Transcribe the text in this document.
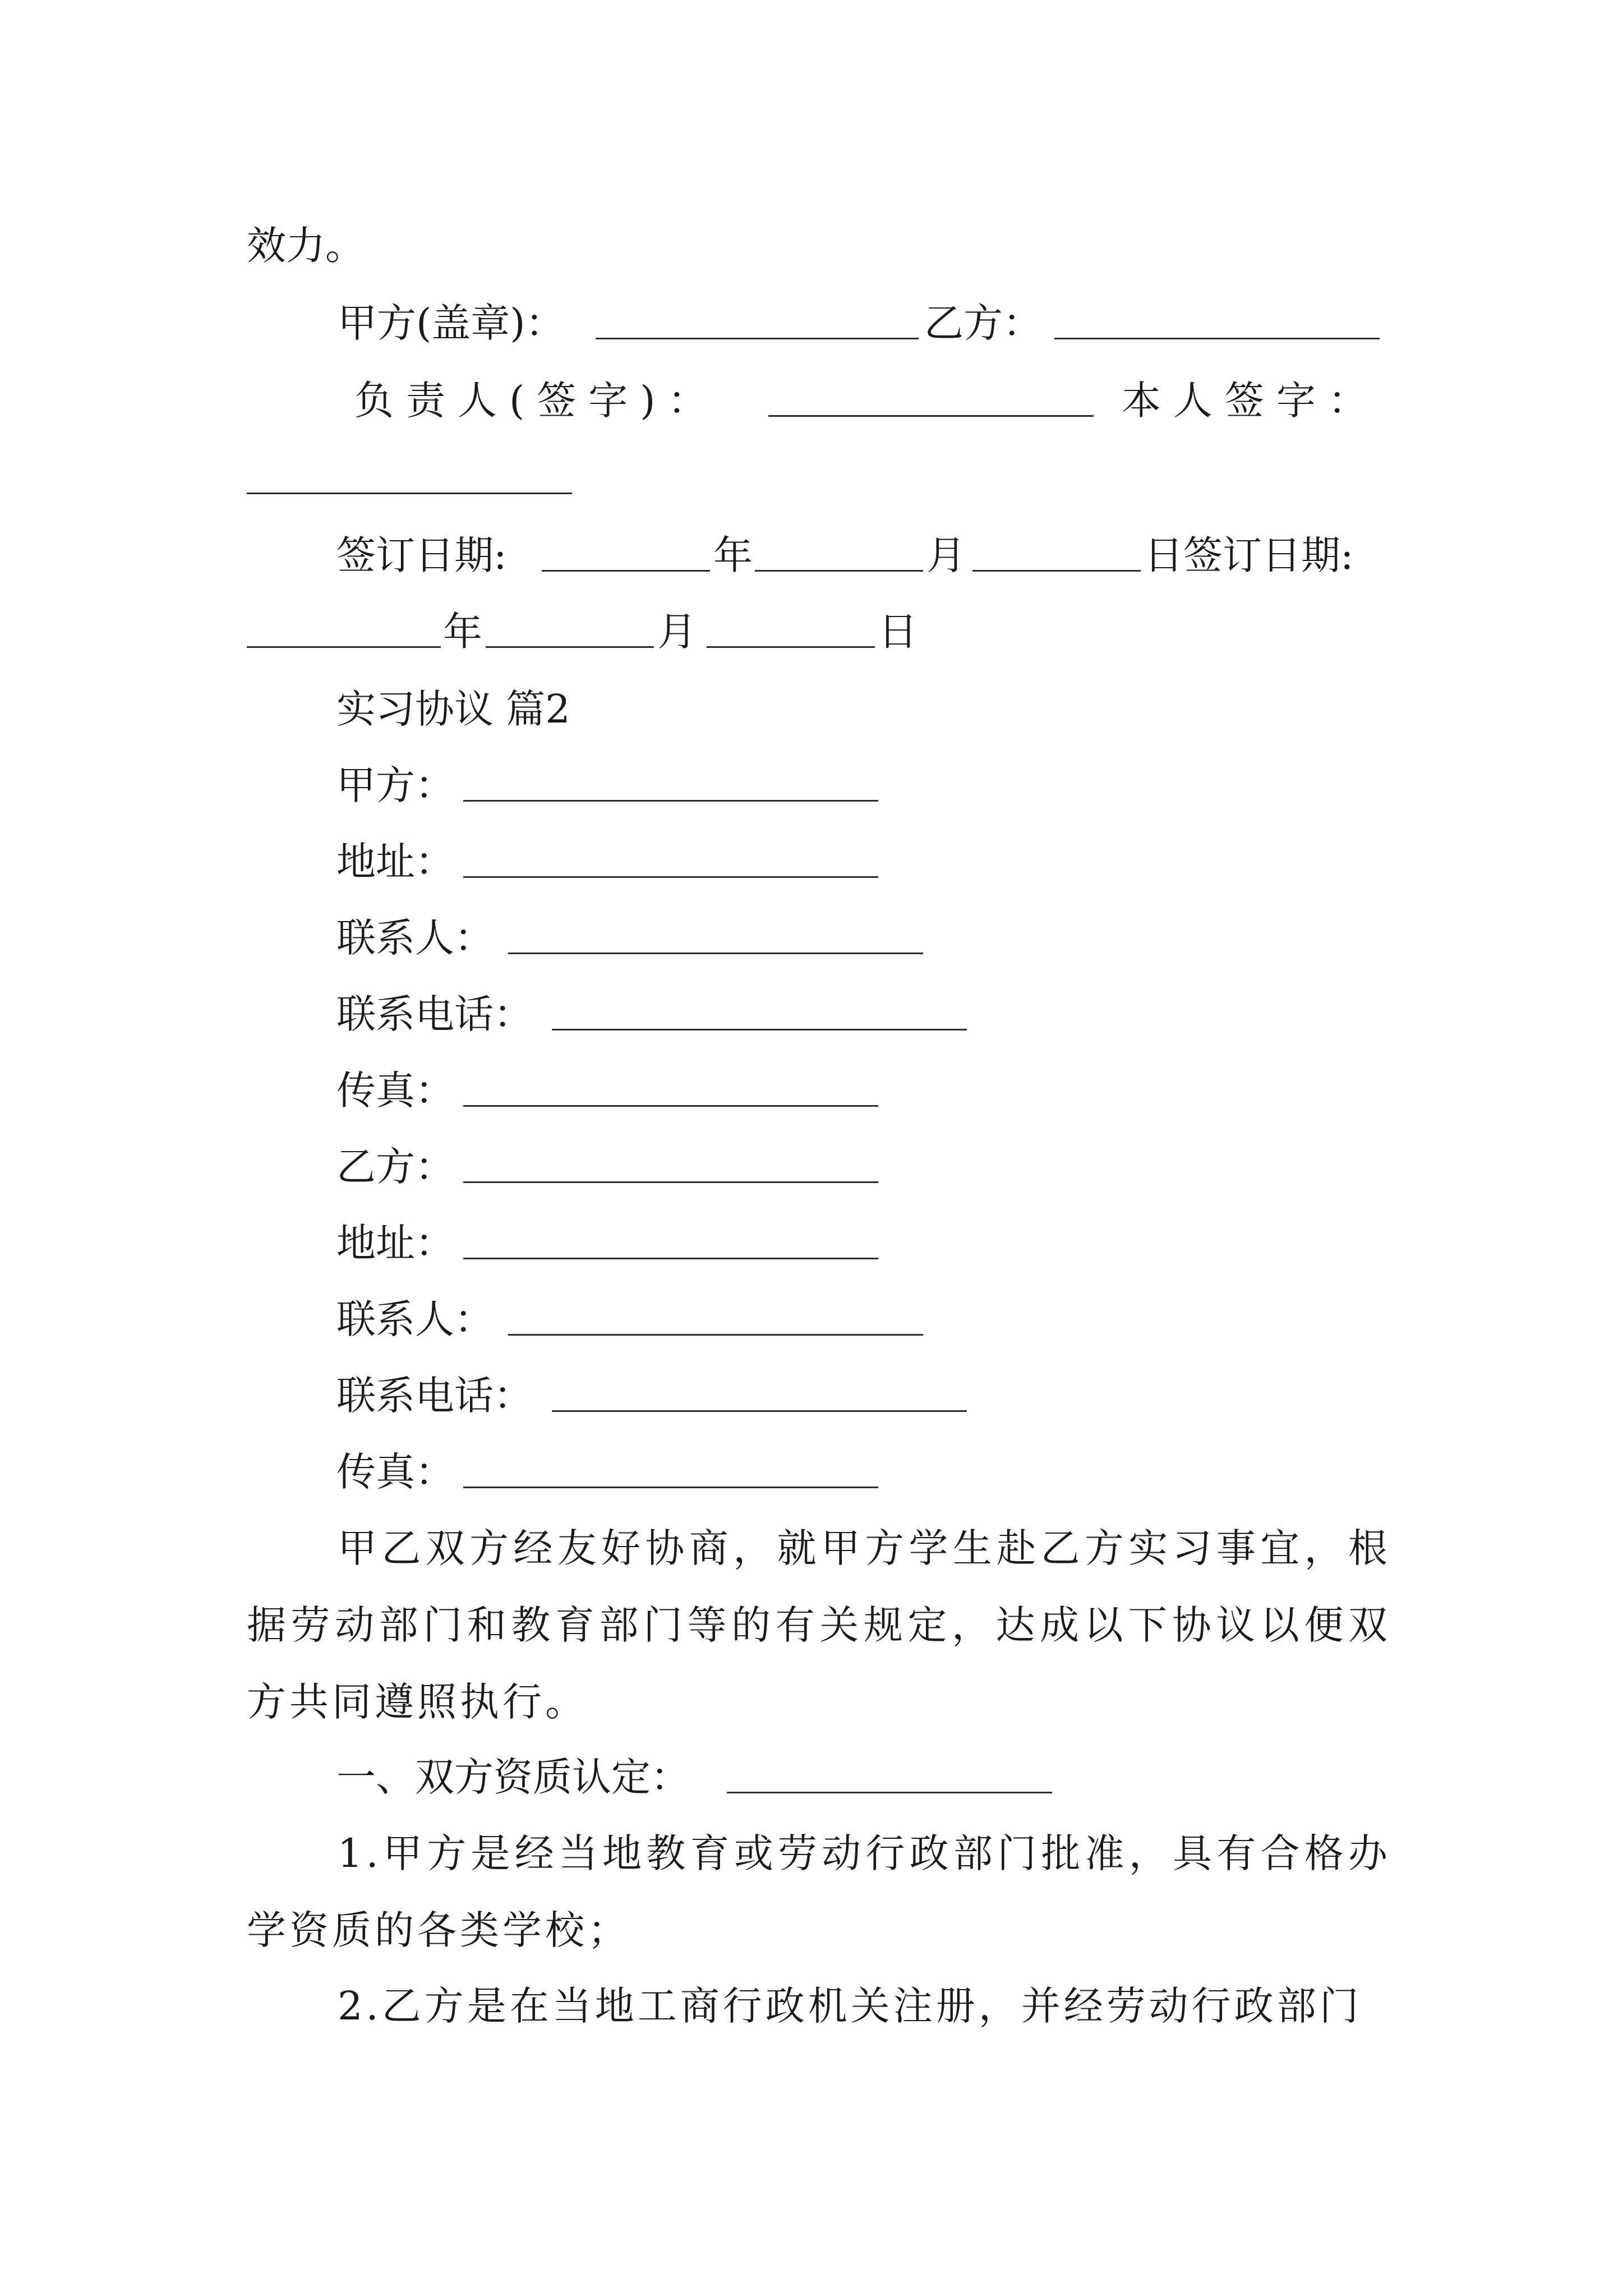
效力。
甲方(盖章)：	乙方：
负责人(签字)：	本人签字：
签订日期:	年	月	日签订日期:
年	月	日
实习协议 篇2
甲方：
地址：
联系人：
联系电话：
传真：
乙方：
地址：
联系人：
联系电话：
传真：
甲乙双方经友好协商，就甲方学生赴乙方实习事宜，根据劳动部门和教育部门等的有关规定，达成以下协议以便双方共同遵照执行。
一、双方资质认定：
1.甲方是经当地教育或劳动行政部门批准，具有合格办学资质的各类学校；
2.乙方是在当地工商行政机关注册，并经劳动行政部门
